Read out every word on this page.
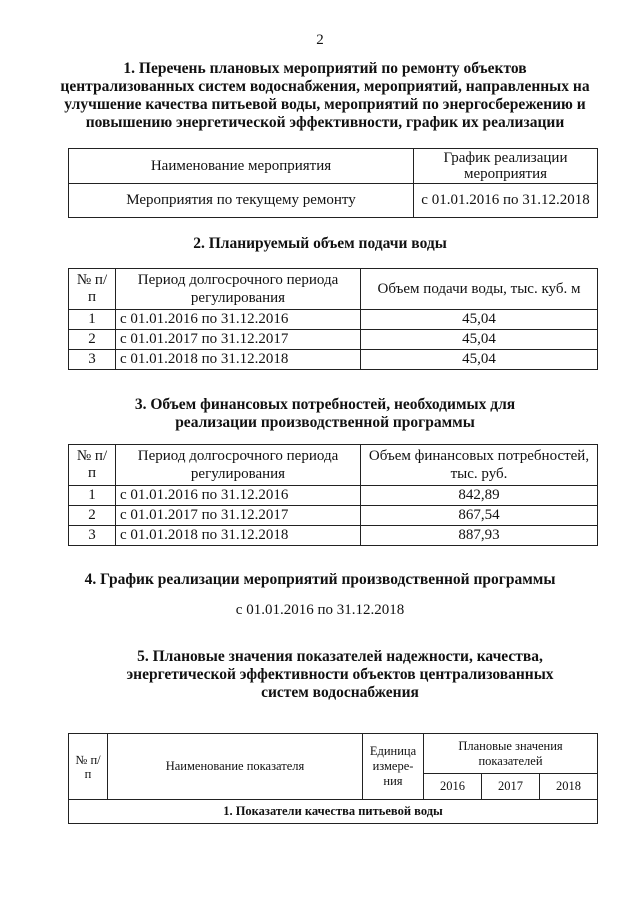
2
1. Перечень плановых мероприятий по ремонту объектов
централизованных систем водоснабжения, мероприятий, направленных на
улучшение качества питьевой воды, мероприятий по энергосбережению и
повышению энергетической эффективности, график их реализации
Наименование мероприятия	График реализации мероприятия
Мероприятия по текущему ремонту	с 01.01.2016 по 31.12.2018
2. Планируемый объем подачи воды
№ п/п	Период долгосрочного периода регулирования	Объем подачи воды, тыс. куб. м
1	с 01.01.2016 по 31.12.2016	45,04
2	с 01.01.2017 по 31.12.2017	45,04
3	с 01.01.2018 по 31.12.2018	45,04
3. Объем финансовых потребностей, необходимых для
реализации производственной программы
№ п/п	Период долгосрочного периода регулирования	Объем финансовых потребностей, тыс. руб.
1	с 01.01.2016 по 31.12.2016	842,89
2	с 01.01.2017 по 31.12.2017	867,54
3	с 01.01.2018 по 31.12.2018	887,93
4. График реализации мероприятий производственной программы
с 01.01.2016 по 31.12.2018
5. Плановые значения показателей надежности, качества,
энергетической эффективности объектов централизованных
систем водоснабжения
№ п/п	Наименование показателя	Единица измере-ния	Плановые значения показателей		
			2016	2017	2018
1. Показатели качества питьевой воды					
